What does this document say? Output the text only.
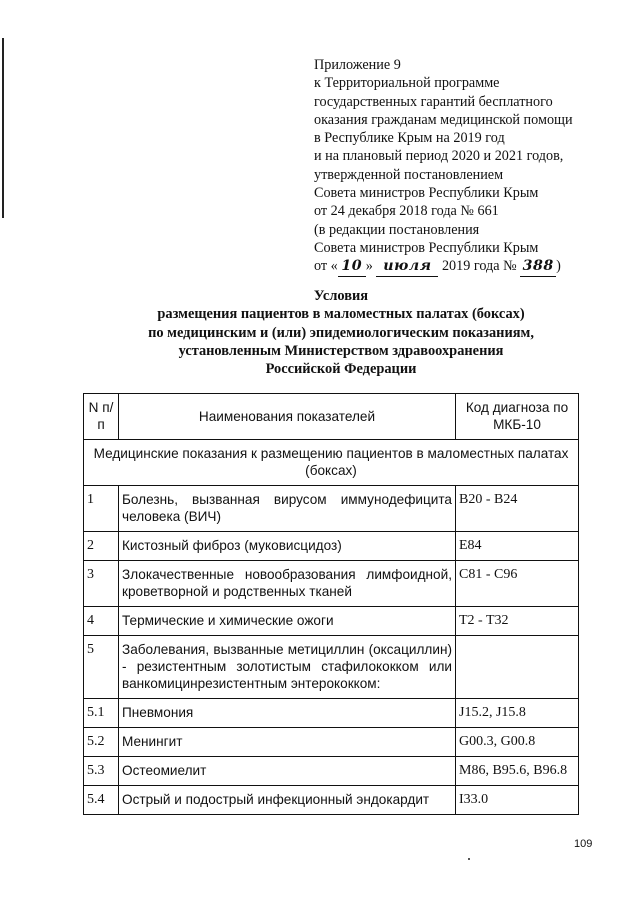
Приложение 9
к Территориальной программе
государственных гарантий бесплатного
оказания гражданам медицинской помощи
в Республике Крым на 2019 год
и на плановый период 2020 и 2021 годов,
утвержденной постановлением
Совета министров Республики Крым
от 24 декабря 2018 года № 661
(в редакции постановления
Совета министров Республики Крым
от « 10 » июля 2019 года № 388 )
Условия
размещения пациентов в маломестных палатах (боксах)
по медицинским и (или) эпидемиологическим показаниям,
установленным Министерством здравоохранения
Российской Федерации
N п/п	Наименования показателей	Код диагноза по МКБ-10
Медицинские показания к размещению пациентов в маломестных палатах (боксах)		
1	Болезнь, вызванная вирусом иммунодефицита человека (ВИЧ)	B20 - B24
2	Кистозный фиброз (муковисцидоз)	E84
3	Злокачественные новообразования лимфоидной, кроветворной и родственных тканей	C81 - C96
4	Термические и химические ожоги	T2 - T32
5	Заболевания, вызванные метициллин (оксациллин) - резистентным золотистым стафилококком или ванкомицинрезистентным энтерококком:	
5.1	Пневмония	J15.2, J15.8
5.2	Менингит	G00.3, G00.8
5.3	Остеомиелит	M86, B95.6, B96.8
5.4	Острый и подострый инфекционный эндокардит	I33.0
109
